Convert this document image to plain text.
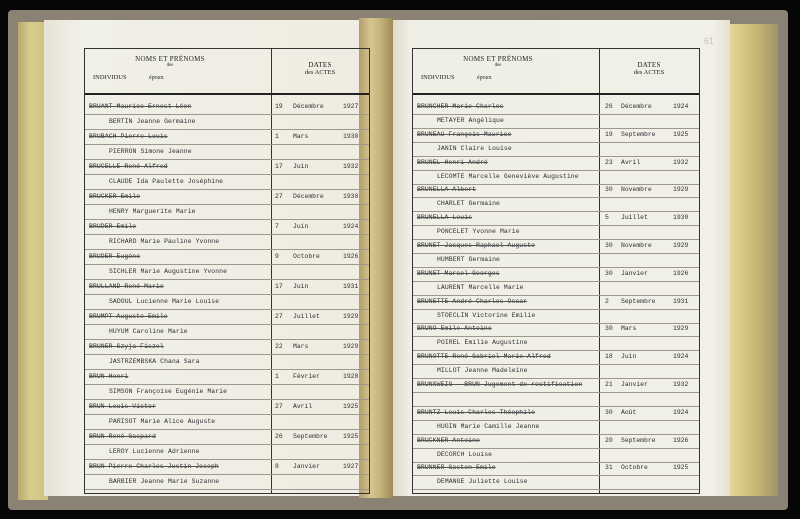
61
NOMS ET PRÉNOMS
des
INDIVIDUS	époux
DATES
des ACTES
BRUANT Maurice Ernest Léon
BERTIN Jeanne Germaine
19 Décembre	1927
BRUBACH Pierre Louis
PIERRON Simone Jeanne
1 Mars	1930
BRUCELLE René Alfred
CLAUDE Ida Paulette Joséphine
17 Juin	1932
BRUCKER Emile
HENRY Marguerite Marie
27 Décembre	1930
BRUDER Emile
RICHARD Marie Pauline Yvonne
7 Juin	1924
BRUDER Eugène
SICHLER Marie Augustine Yvonne
9 Octobre	1926
BRULLAND René Marie
SADOUL Lucienne Marie Louise
17 Juin	1931
BRUMPT Auguste Emile
HUYUM Caroline Marie
27 Juillet	1929
BRUNER Szyja Fiszel
JASTRZEMBSKA Chana Sara
22 Mars	1929
BRUN Henri
SIMSON Françoise Eugénie Marie
1 Février	1928
BRUN Louis Victor
PARISOT Marie Alice Auguste
27 Avril	1925
BRUN René Gaspard
LEROY Lucienne Adrienne
26 Septembre 1925
BRUN Pierre Charles Justin Joseph
BARBIER Jeanne Marie Suzanne
8 Janvier	1927
NOMS ET PRÉNOMS
des
INDIVIDUS	époux
DATES
des ACTES
BRUNCHER Marie Charles
METAYER Angélique
26 Décembre	1924
BRUNEAU François Maurice
JANIN Claire Louise
19 Septembre	1925
BRUNEL Henri André
LECOMTE Marcelle Geneviève Augustine
23 Avril	1932
BRUNELLA Albert
CHARLET Germaine
30 Novembre	1929
BRUNELLA Louis
PONCELET Yvonne Marie
5 Juillet	1930
BRUNET Jacques Raphael Auguste
HUMBERT Germaine
30 Novembre	1929
BRUNET Marcel Georges
LAURENT Marcelle Marie
30 Janvier	1926
BRUNETTE André Charles Oscar
STOECLIN Victorine Emilie
2 Septembre	1931
BRUNO Emile Antoine
POIREL Emilie Augustine
30 Mars	1929
BRUNOTTE René Gabriel Marie Alfred
MILLOT Jeanne Madeleine
18 Juin	1924
BRUNSWEIG - BRUN Jugement de rectification	21 Janvier	1932
BRUNTZ Louis Charles Théophile
HUGIN Marie Camille Jeanne
30 Août	1924
BRUCKNER Antoine
DECORCH Louise
20 Septembre	1926
BRUNNER Gaston Emile
DEMANGE Juliette Louise
31 Octobre	1925
